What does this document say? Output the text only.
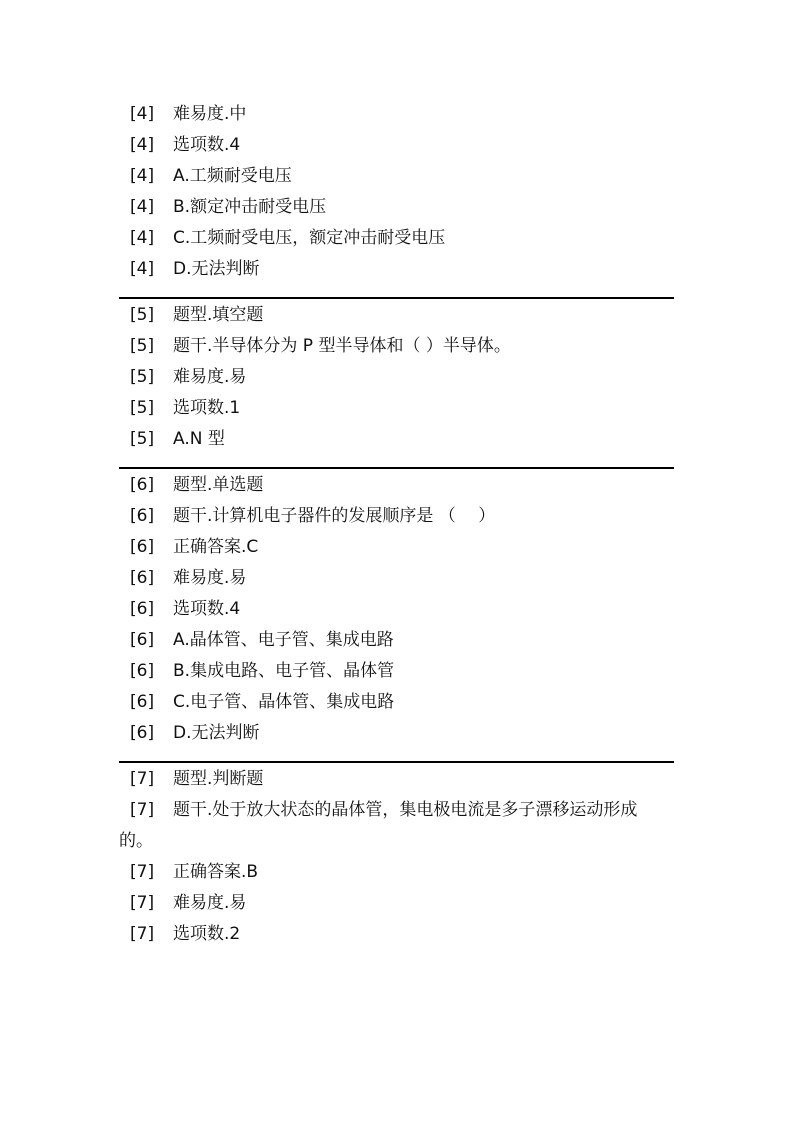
[4]	难易度.中
[4]	选项数.4
[4]	A.工频耐受电压
[4]	B.额定冲击耐受电压
[4]	C.工频耐受电压，额定冲击耐受电压
[4]	D.无法判断
[5]	题型.填空题
[5]	题干.半导体分为 P 型半导体和（ ）半导体。
[5]	难易度.易
[5]	选项数.1
[5]	A.N 型
[6]	题型.单选题
[6]	题干.计算机电子器件的发展顺序是 （　 ）
[6]	正确答案.C
[6]	难易度.易
[6]	选项数.4
[6]	A.晶体管、电子管、集成电路
[6]	B.集成电路、电子管、晶体管
[6]	C.电子管、晶体管、集成电路
[6]	D.无法判断
[7]	题型.判断题
[7] 题干.处于放大状态的晶体管，集电极电流是多子漂移运动形成
的。
[7]	正确答案.B
[7]	难易度.易
[7]	选项数.2
